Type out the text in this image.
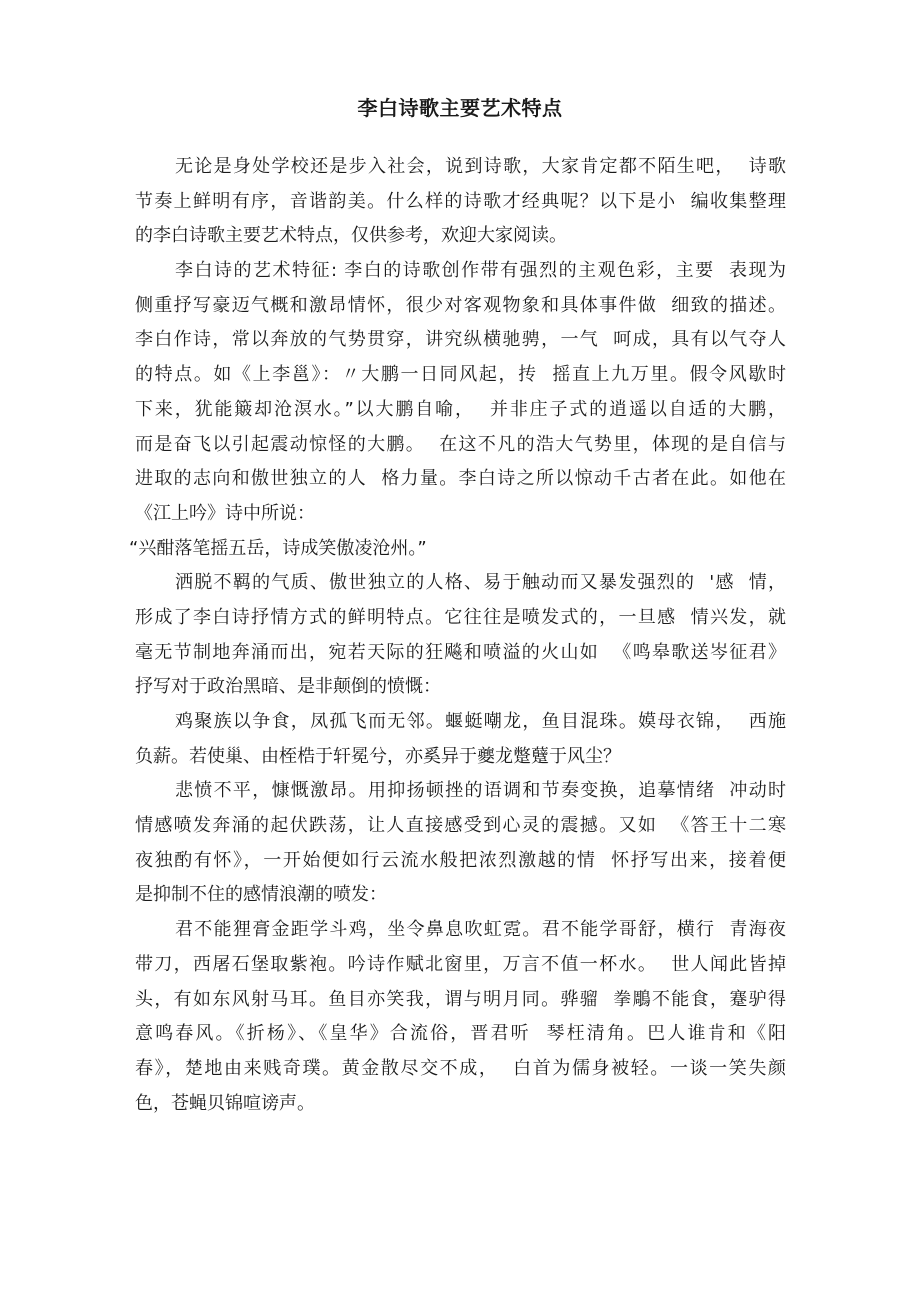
李白诗歌主要艺术特点
无论是身处学校还是步入社会，说到诗歌，大家肯定都不陌生吧，  诗歌
节奏上鲜明有序，音谐韵美。什么样的诗歌才经典呢？以下是小  编收集整理
的李白诗歌主要艺术特点，仅供参考，欢迎大家阅读。
李白诗的艺术特征: 李白的诗歌创作带有强烈的主观色彩，主要  表现为
侧重抒写豪迈气概和激昂情怀，很少对客观物象和具体事件做  细致的描述。
李白作诗，常以奔放的气势贯穿，讲究纵横驰骋，一气  呵成，具有以气夺人
的特点。如《上李邕》：〃大鹏一日同风起，抟  摇直上九万里。假令风歇时
下来，犹能簸却沧溟水。”以大鹏自喻，  并非庄子式的逍遥以自适的大鹏，
而是奋飞以引起震动惊怪的大鹏。  在这不凡的浩大气势里，体现的是自信与
进取的志向和傲世独立的人  格力量。李白诗之所以惊动千古者在此。如他在
《江上吟》诗中所说：
“兴酣落笔摇五岳，诗成笑傲凌沧州。”
洒脱不羁的气质、傲世独立的人格、易于触动而又暴发强烈的  '感  情，
形成了李白诗抒情方式的鲜明特点。它往往是喷发式的，一旦感  情兴发，就
毫无节制地奔涌而出，宛若天际的狂飚和喷溢的火山如  《鸣皋歌送岑征君》
抒写对于政治黑暗、是非颠倒的愤慨：
鸡聚族以争食，凤孤飞而无邻。蝘蜓嘲龙，鱼目混珠。嫫母衣锦，  西施
负薪。若使巢、由桎梏于轩冕兮，亦奚异于夔龙蹩躠于风尘？
悲愤不平，慷慨激昂。用抑扬顿挫的语调和节奏变换，追摹情绪  冲动时
情感喷发奔涌的起伏跌荡，让人直接感受到心灵的震撼。又如  《答王十二寒
夜独酌有怀》，一开始便如行云流水般把浓烈激越的情  怀抒写出来，接着便
是抑制不住的感情浪潮的喷发：
君不能狸膏金距学斗鸡，坐令鼻息吹虹霓。君不能学哥舒，横行  青海夜
带刀，西屠石堡取紫袍。吟诗作赋北窗里，万言不值一杯水。  世人闻此皆掉
头，有如东风射马耳。鱼目亦笑我，谓与明月同。骅骝  拳鵰不能食，蹇驴得
意鸣春风。《折杨》、《皇华》合流俗，晋君听  琴枉清角。巴人谁肯和《阳
春》，楚地由来贱奇璞。黄金散尽交不成，  白首为儒身被轻。一谈一笑失颜
色，苍蝇贝锦喧谤声。
